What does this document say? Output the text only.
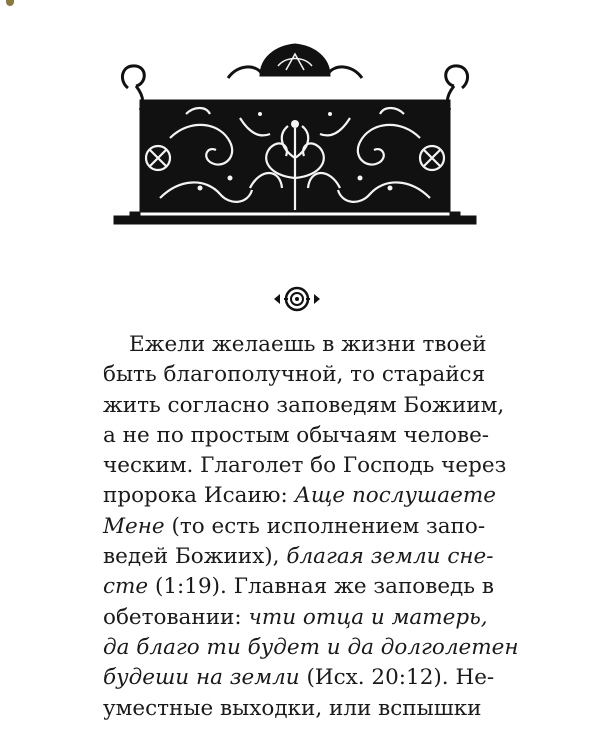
Ежели желаешь в жизни твоей
быть благополучной, то старайся
жить согласно заповедям Божиим,
а не по простым обычаям челове-
ческим. Глаголет бо Господь через
пророка Исаию: Аще послушаете
Мене (то есть исполнением запо-
ведей Божиих), благая земли сне-
сте (1:19). Главная же заповедь в
обетовании: чти отца и матерь,
да благо ти будет и да долголетен
будеши на земли (Исх. 20:12). Не-
уместные выходки, или вспышки
